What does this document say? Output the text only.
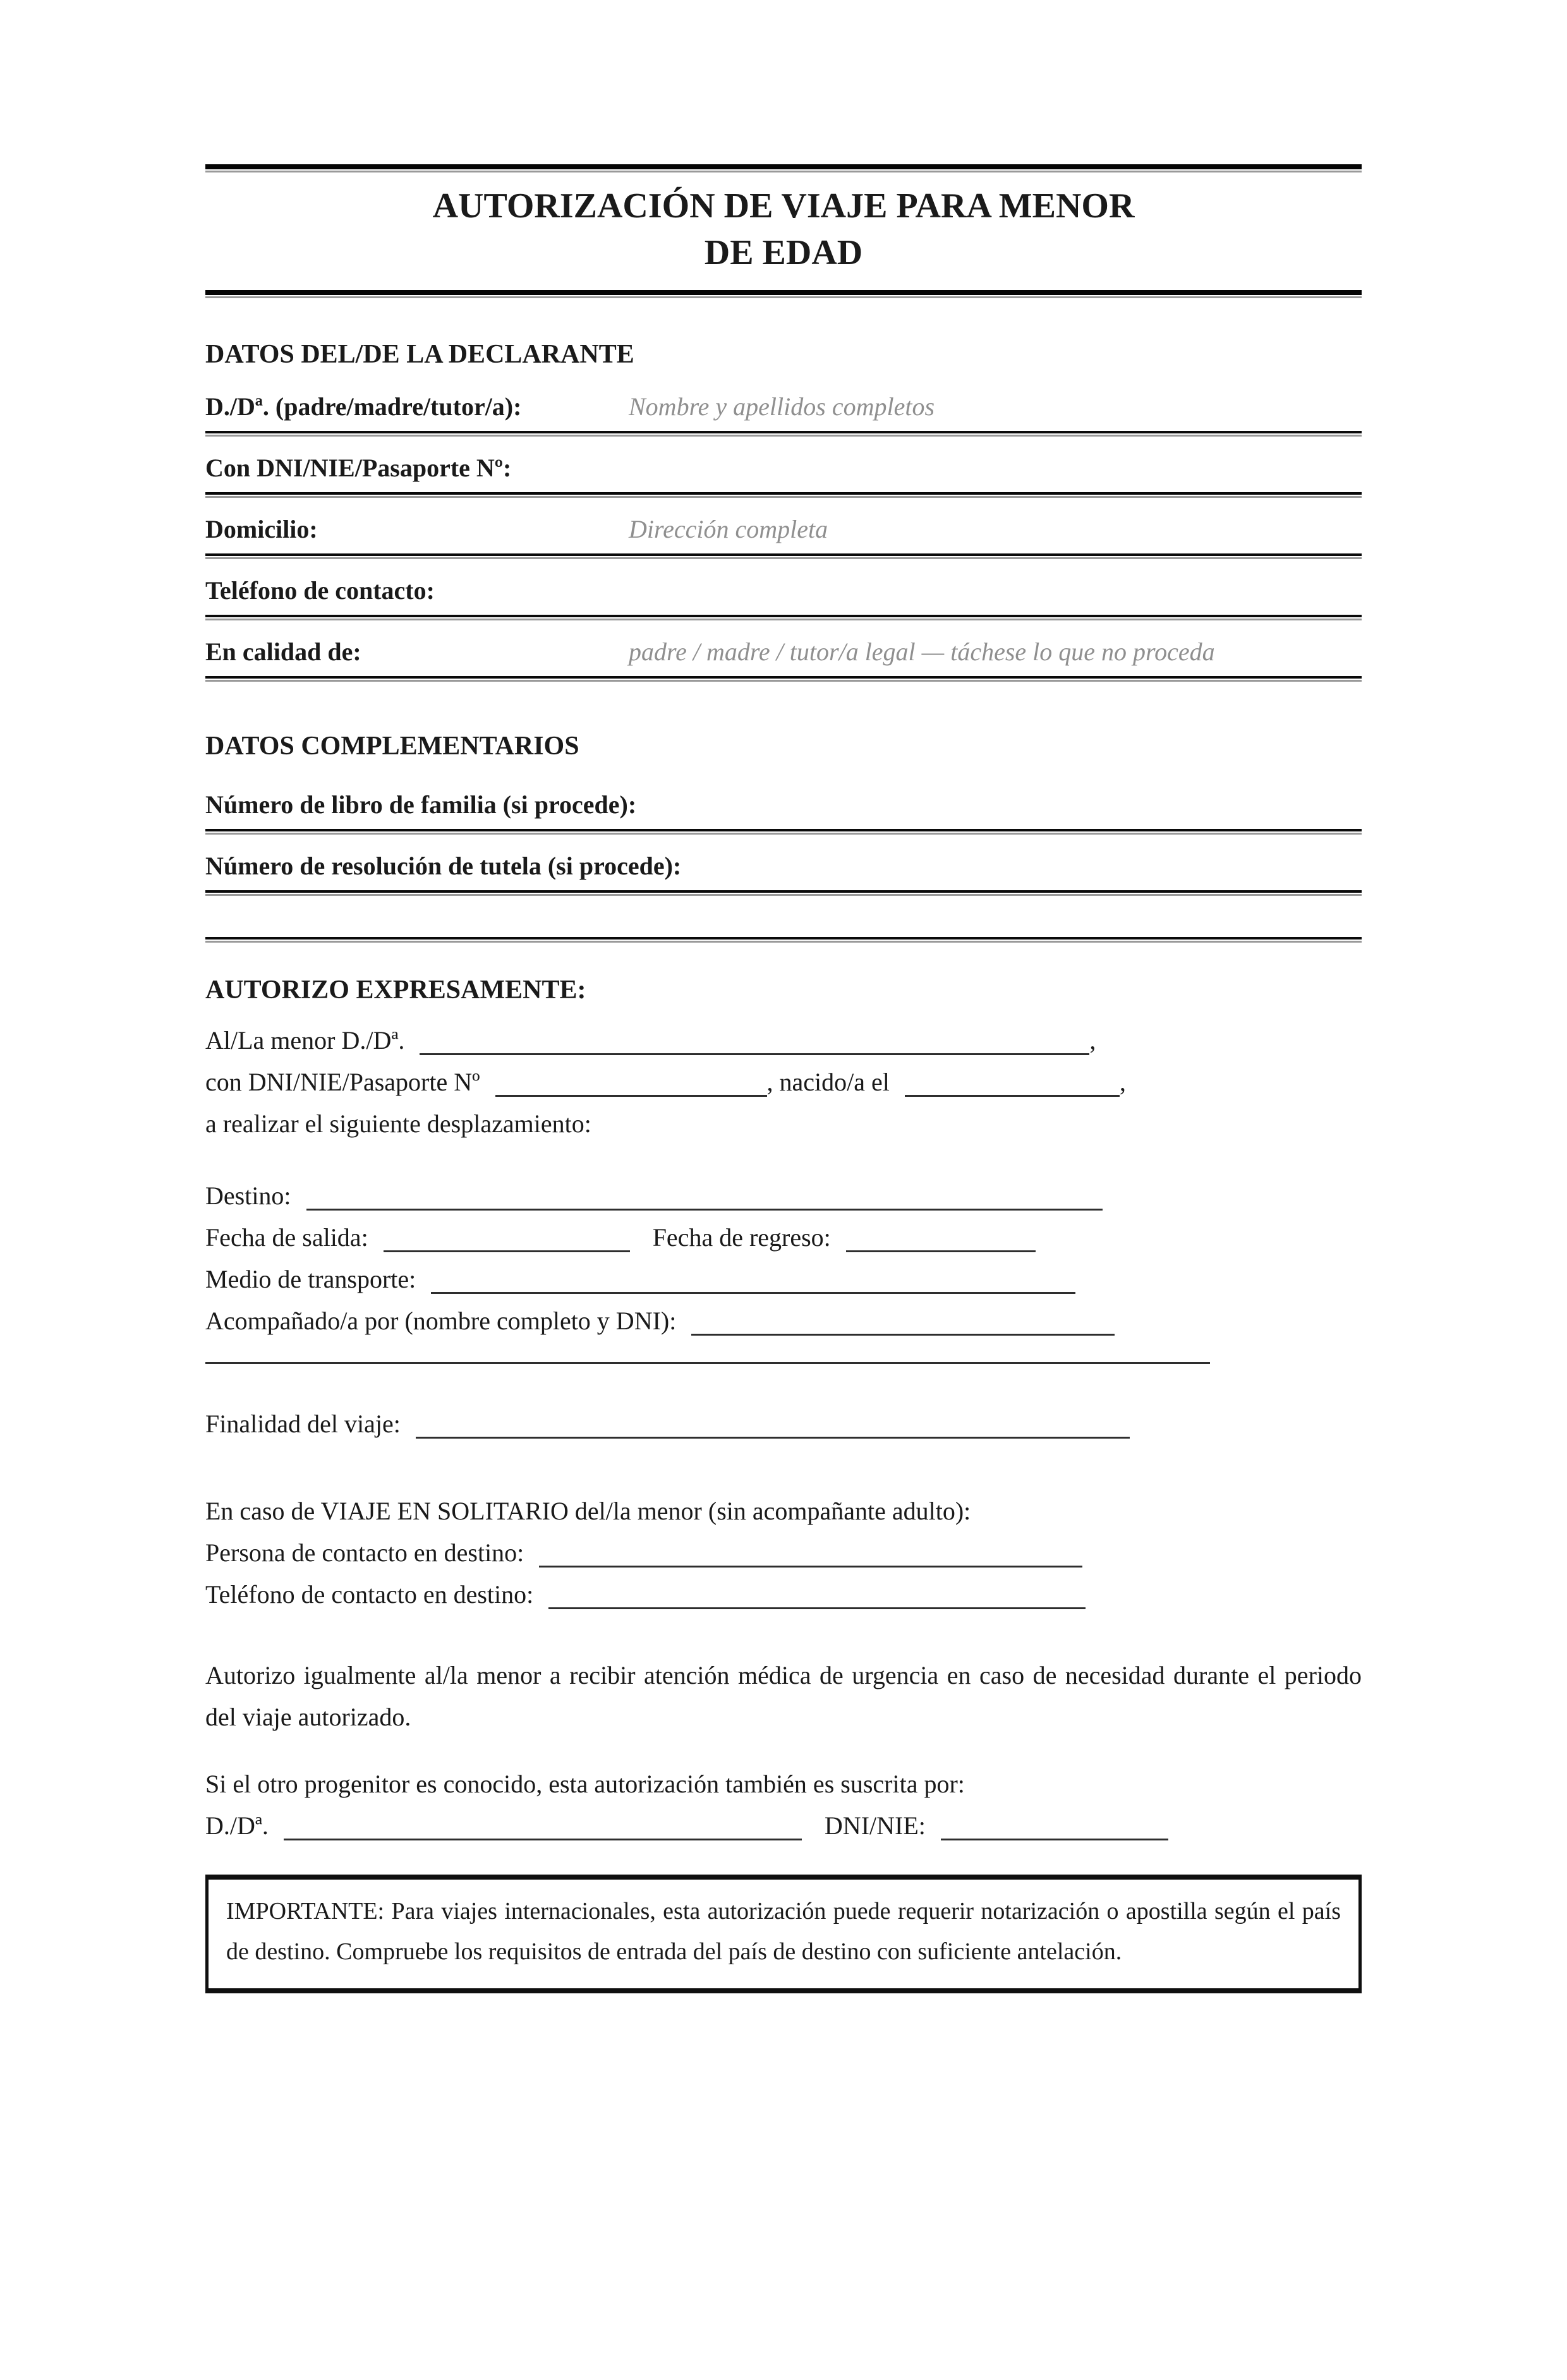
AUTORIZACIÓN DE VIAJE PARA MENOR
DE EDAD
DATOS DEL/DE LA DECLARANTE
D./Dª. (padre/madre/tutor/a):	Nombre y apellidos completos
Con DNI/NIE/Pasaporte Nº:
Domicilio:	Dirección completa
Teléfono de contacto:
En calidad de:	padre / madre / tutor/a legal — táchese lo que no proceda
DATOS COMPLEMENTARIOS
Número de libro de familia (si procede):
Número de resolución de tutela (si procede):
AUTORIZO EXPRESAMENTE:

Al/La menor D./Dª.	,

con DNI/NIE/Pasaporte Nº	, nacido/a el	,

a realizar el siguiente desplazamiento:

Destino:

Fecha de salida:	Fecha de regreso:

Medio de transporte:

Acompañado/a por (nombre completo y DNI):

Finalidad del viaje:

En caso de VIAJE EN SOLITARIO del/la menor (sin acompañante adulto):

Persona de contacto en destino:

Teléfono de contacto en destino:

Autorizo igualmente al/la menor a recibir atención médica de urgencia en caso de necesidad durante el periodo del viaje autorizado.

Si el otro progenitor es conocido, esta autorización también es suscrita por:

D./Dª.	DNI/NIE:

IMPORTANTE: Para viajes internacionales, esta autorización puede requerir notarización o apostilla según el país de destino. Compruebe los requisitos de entrada del país de destino con suficiente antelación.
